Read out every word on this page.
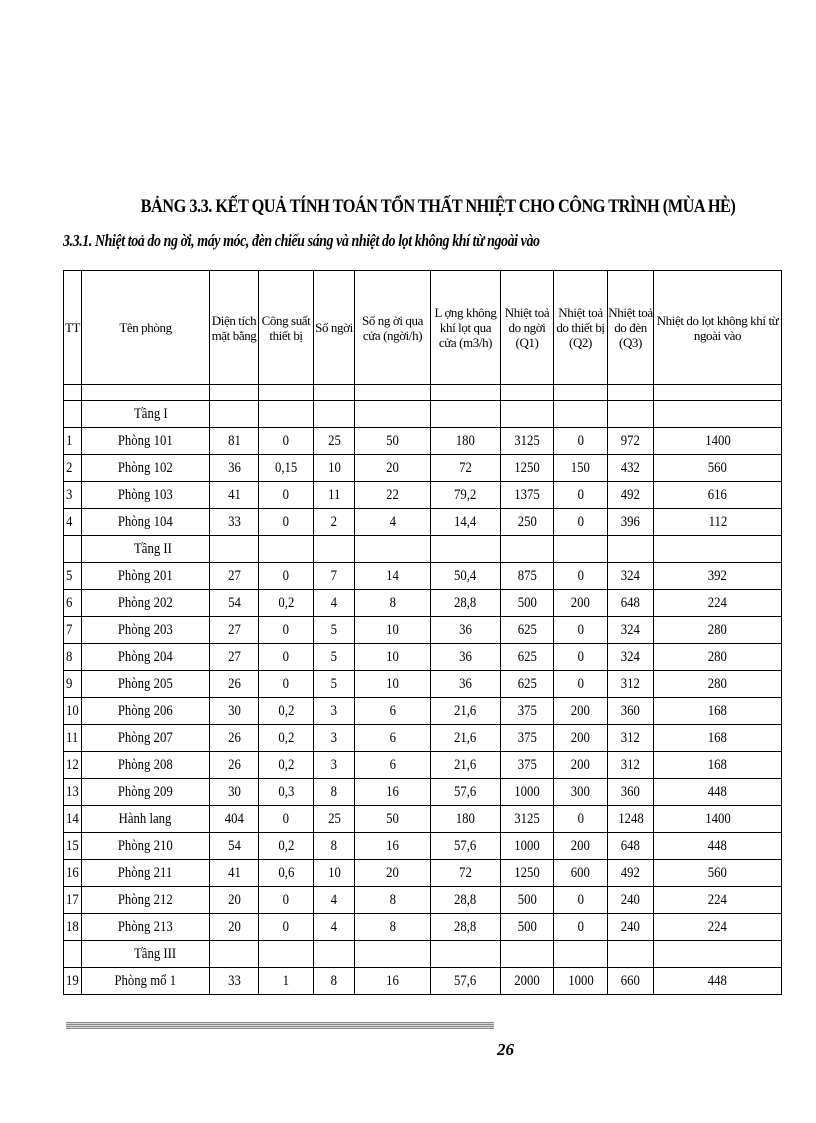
BẢNG 3.3. KẾT QUẢ TÍNH TOÁN TỔN THẤT NHIỆT CHO CÔNG TRÌNH (MÙA HÈ)
3.3.1. Nhiệt toả do ng ời, máy móc, đèn chiếu sáng và nhiệt do lọt không khí từ ngoài vào
TT	Tên phòng	Diện tích mặt bằng	Công suất thiết bị	Số ngời	Số ng ời qua cửa (ngời/h)	L ợng không khí lọt qua cửa (m3/h)	Nhiệt toả do ngời (Q1)	Nhiệt toả do thiết bị (Q2)	Nhiệt toả do đèn (Q3)	Nhiệt do lọt không khí từ ngoài vào

	Tầng I									
1	Phòng 101	81	0	25	50	180	3125	0	972	1400
2	Phòng 102	36	0,15	10	20	72	1250	150	432	560
3	Phòng 103	41	0	11	22	79,2	1375	0	492	616
4	Phòng 104	33	0	2	4	14,4	250	0	396	112
	Tầng II									
5	Phòng 201	27	0	7	14	50,4	875	0	324	392
6	Phòng 202	54	0,2	4	8	28,8	500	200	648	224
7	Phòng 203	27	0	5	10	36	625	0	324	280
8	Phòng 204	27	0	5	10	36	625	0	324	280
9	Phòng 205	26	0	5	10	36	625	0	312	280
10	Phòng 206	30	0,2	3	6	21,6	375	200	360	168
11	Phòng 207	26	0,2	3	6	21,6	375	200	312	168
12	Phòng 208	26	0,2	3	6	21,6	375	200	312	168
13	Phòng 209	30	0,3	8	16	57,6	1000	300	360	448
14	Hành lang	404	0	25	50	180	3125	0	1248	1400
15	Phòng 210	54	0,2	8	16	57,6	1000	200	648	448
16	Phòng 211	41	0,6	10	20	72	1250	600	492	560
17	Phòng 212	20	0	4	8	28,8	500	0	240	224
18	Phòng 213	20	0	4	8	28,8	500	0	240	224
	Tầng III									
19	Phòng mổ 1	33	1	8	16	57,6	2000	1000	660	448
26
